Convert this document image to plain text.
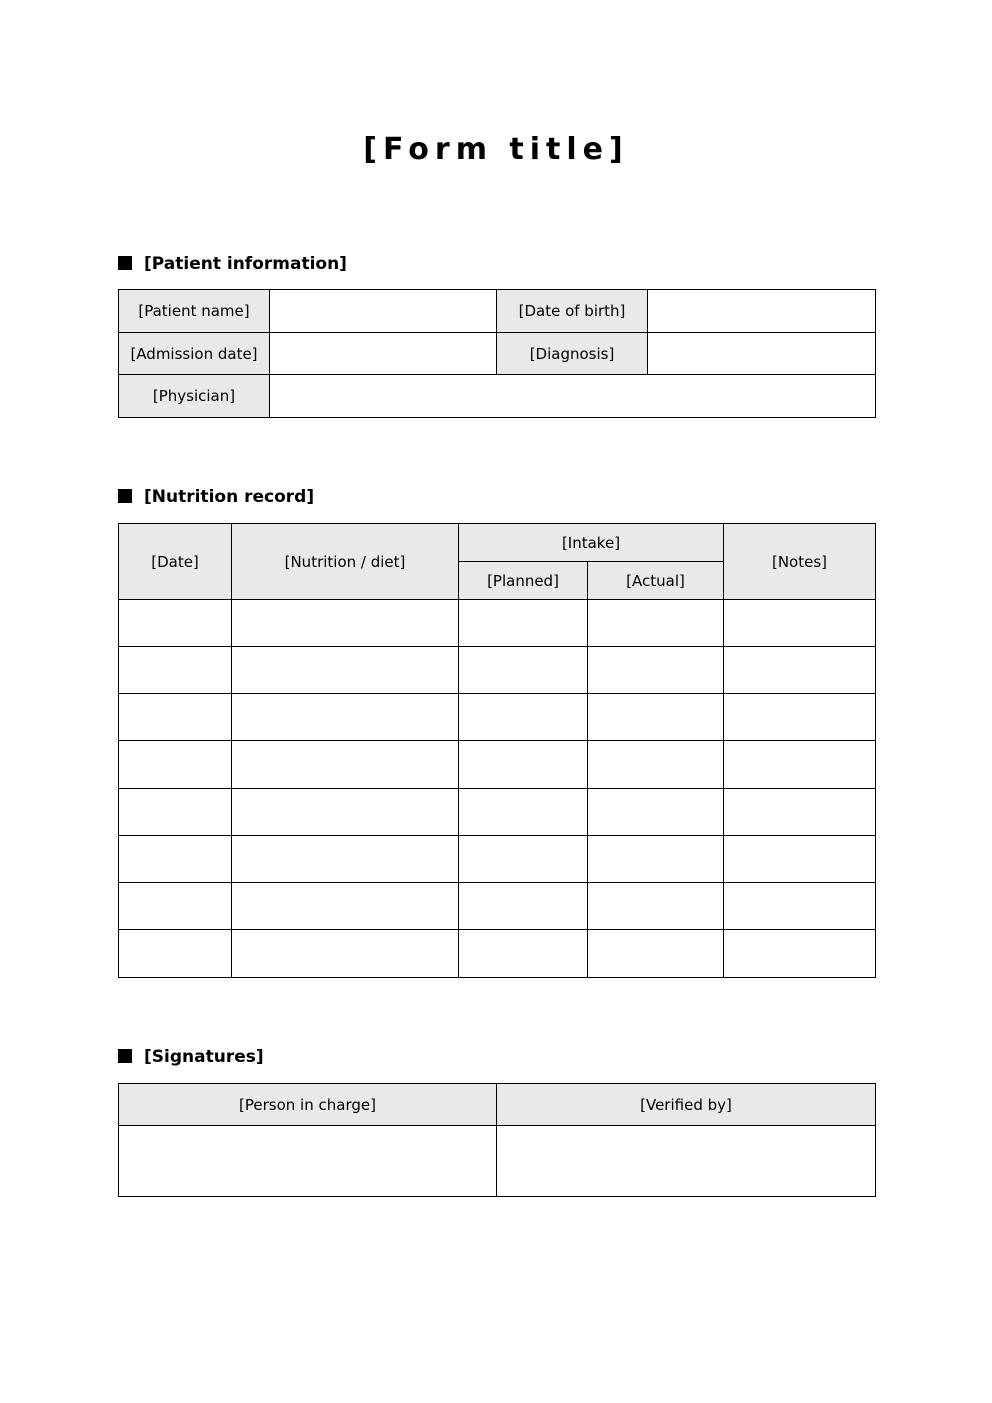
[Form title]
[Patient information]
[Patient name]		[Date of birth]	
[Admission date]		[Diagnosis]	
[Physician]			
[Nutrition record]
[Date]	[Nutrition / diet]	[Intake]		[Notes]
		[Planned]	[Actual]	

[Signatures]
[Person in charge]	[Verified by]
